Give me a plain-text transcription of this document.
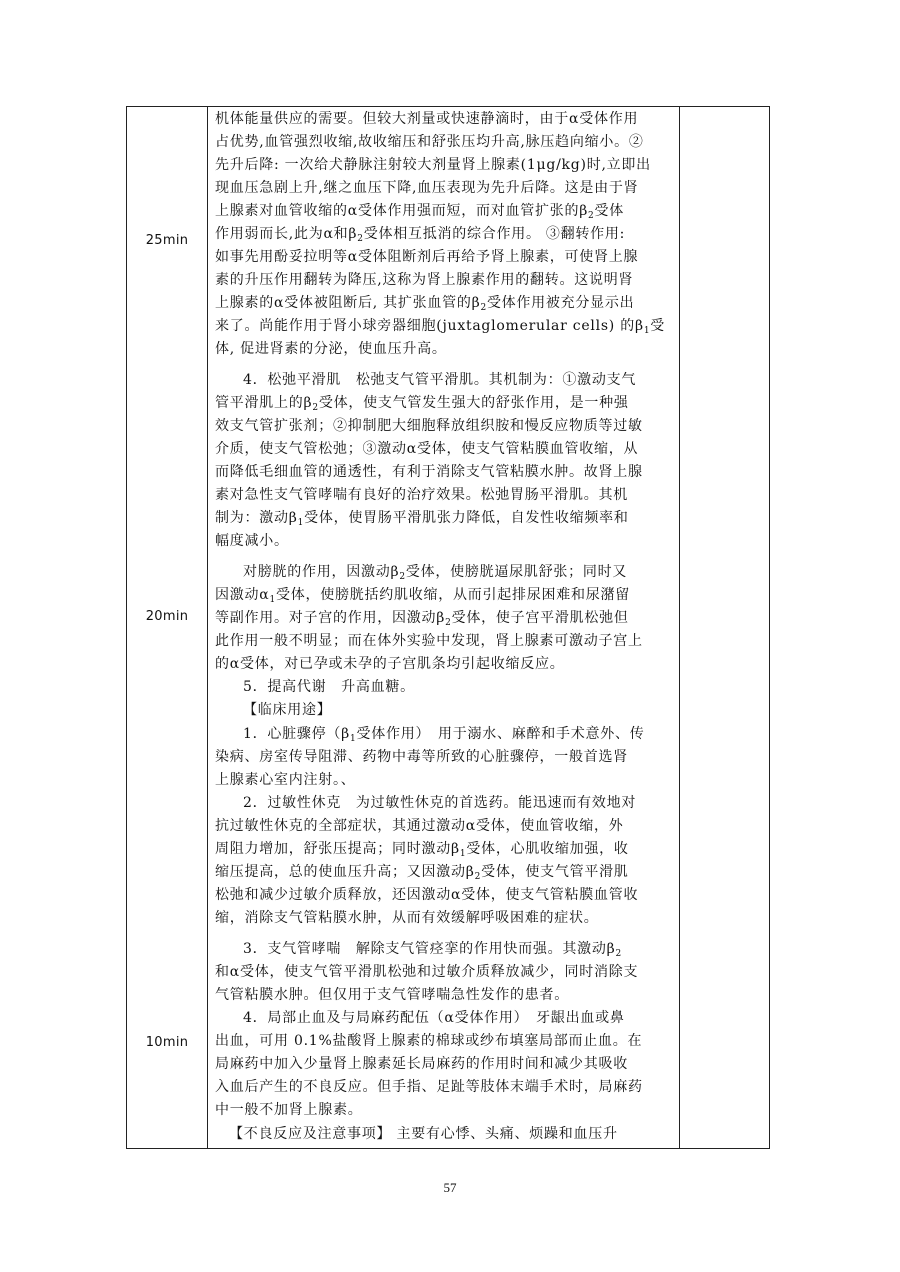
25min
20min
10min
机体能量供应的需要。但较大剂量或快速静滴时，由于α受体作用
占优势,血管强烈收缩,故收缩压和舒张压均升高,脉压趋向缩小。②
先升后降: 一次给犬静脉注射较大剂量肾上腺素(1μg/kg)时,立即出
现血压急剧上升,继之血压下降,血压表现为先升后降。这是由于肾
上腺素对血管收缩的α受体作用强而短，而对血管扩张的$\beta_2$受体
作用弱而长,此为α和$\beta_2$受体相互抵消的综合作用。 ③翻转作用:
如事先用酚妥拉明等α受体阻断剂后再给予肾上腺素，可使肾上腺
素的升压作用翻转为降压,这称为肾上腺素作用的翻转。这说明肾
上腺素的α受体被阻断后, 其扩张血管的$\beta_2$受体作用被充分显示出
来了。尚能作用于肾小球旁器细胞(juxtaglomerular cells) 的$\beta_1$受
体, 促进肾素的分泌，使血压升高。
4．松弛平滑肌　松弛支气管平滑肌。其机制为：①激动支气
管平滑肌上的$\beta_2$受体，使支气管发生强大的舒张作用，是一种强
效支气管扩张剂；②抑制肥大细胞释放组织胺和慢反应物质等过敏
介质，使支气管松弛；③激动α受体，使支气管粘膜血管收缩，从
而降低毛细血管的通透性，有利于消除支气管粘膜水肿。故肾上腺
素对急性支气管哮喘有良好的治疗效果。松弛胃肠平滑肌。其机
制为：激动$\beta_1$受体，使胃肠平滑肌张力降低，自发性收缩频率和
幅度减小。
对膀胱的作用，因激动$\beta_2$受体，使膀胱逼尿肌舒张；同时又
因激动$\alpha_1$受体，使膀胱括约肌收缩，从而引起排尿困难和尿潴留
等副作用。对子宫的作用，因激动$\beta_2$受体，使子宫平滑肌松弛但
此作用一般不明显；而在体外实验中发现，肾上腺素可激动子宫上
的α受体，对已孕或未孕的子宫肌条均引起收缩反应。
5．提高代谢　升高血糖。
【临床用途】
1．心脏骤停（$\beta_1$受体作用）　用于溺水、麻醉和手术意外、传
染病、房室传导阻滞、药物中毒等所致的心脏骤停，一般首选肾
上腺素心室内注射。、
2．过敏性休克　为过敏性休克的首选药。能迅速而有效地对
抗过敏性休克的全部症状，其通过激动α受体，使血管收缩，外
周阻力增加，舒张压提高；同时激动$\beta_1$受体，心肌收缩加强，收
缩压提高，总的使血压升高；又因激动$\beta_2$受体，使支气管平滑肌
松弛和减少过敏介质释放，还因激动α受体，使支气管粘膜血管收
缩，消除支气管粘膜水肿，从而有效缓解呼吸困难的症状。
3．支气管哮喘　解除支气管痉挛的作用快而强。其激动$\beta_2$
和α受体，使支气管平滑肌松弛和过敏介质释放减少，同时消除支
气管粘膜水肿。但仅用于支气管哮喘急性发作的患者。
4．局部止血及与局麻药配伍（α受体作用）　牙龈出血或鼻
出血，可用 0.1%盐酸肾上腺素的棉球或纱布填塞局部而止血。在
局麻药中加入少量肾上腺素延长局麻药的作用时间和减少其吸收
入血后产生的不良反应。但手指、足趾等肢体末端手术时，局麻药
中一般不加肾上腺素。
【不良反应及注意事项】 主要有心悸、头痛、烦躁和血压升
57
